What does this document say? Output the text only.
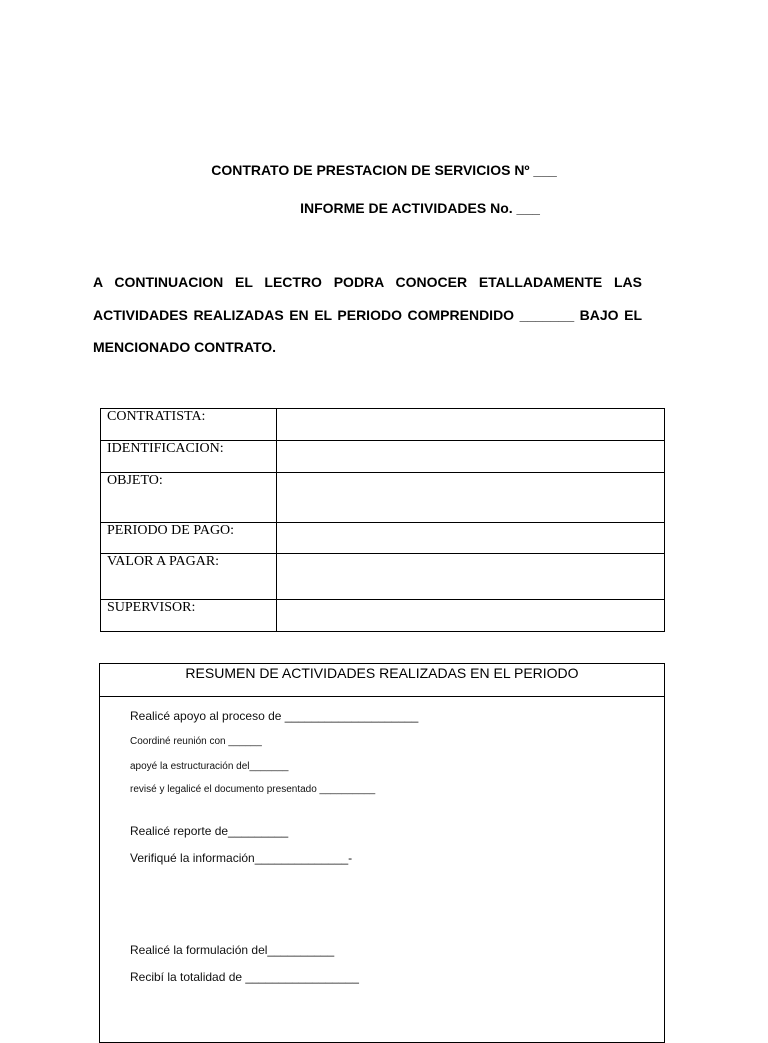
CONTRATO DE PRESTACION DE SERVICIOS Nº ___
INFORME DE ACTIVIDADES No. ___
A CONTINUACION EL LECTRO PODRA CONOCER ETALLADAMENTE LAS
ACTIVIDADES REALIZADAS EN EL PERIODO COMPRENDIDO _______ BAJO EL
MENCIONADO CONTRATO.
CONTRATISTA:	
IDENTIFICACION:	
OBJETO:	
PERIODO DE PAGO:	
VALOR A PAGAR:	
SUPERVISOR:	
RESUMEN DE ACTIVIDADES REALIZADAS EN EL PERIODO
Realicé apoyo al proceso de ____________________
Coordiné reunión con ______
apoyé la estructuración del_______
revisé y legalicé el documento presentado __________
Realicé reporte de_________
Verifiqué la información______________-
Realicé la formulación del__________
Recibí la totalidad de _________________
